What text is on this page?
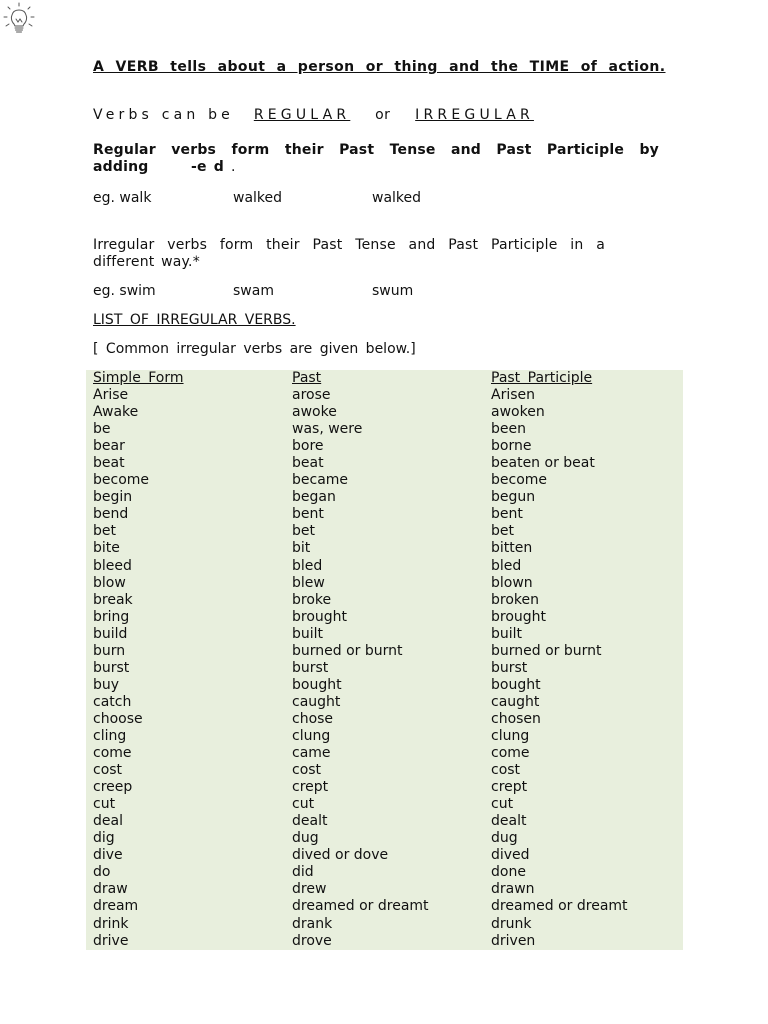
A VERB tells about a person or thing and the TIME of action.
Verbs can be REGULAR or IRREGULAR
Regular verbs form their Past Tense and Past Participle by adding	-e d .
eg. walk	walked	walked
Irregular verbs form their Past Tense and Past Participle in a different way.*
eg. swim	swam	swum
LIST OF IRREGULAR VERBS.
[ Common irregular verbs are given below.]
Simple Form	Past	Past Participle
Arise	arose	Arisen
Awake	awoke	awoken
be	was, were	been
bear	bore	borne
beat	beat	beaten or beat
become	became	become
begin	began	begun
bend	bent	bent
bet	bet	bet
bite	bit	bitten
bleed	bled	bled
blow	blew	blown
break	broke	broken
bring	brought	brought
build	built	built
burn	burned or burnt	burned or burnt
burst	burst	burst
buy	bought	bought
catch	caught	caught
choose	chose	chosen
cling	clung	clung
come	came	come
cost	cost	cost
creep	crept	crept
cut	cut	cut
deal	dealt	dealt
dig	dug	dug
dive	dived or dove	dived
do	did	done
draw	drew	drawn
dream	dreamed or dreamt	dreamed or dreamt
drink	drank	drunk
drive	drove	driven
